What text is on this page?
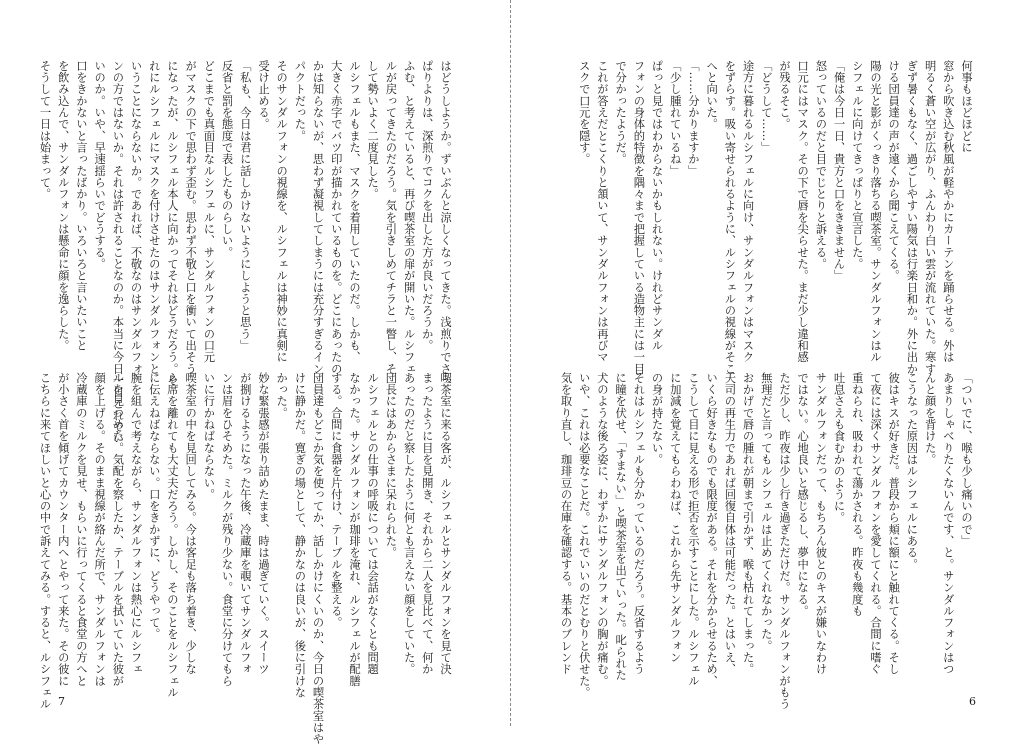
はどうしようか。ずいぶんと涼しくなってきた。浅煎りでさっ
ぱりよりは、深煎りでコクを出した方が良いだろうか。
ふむ、と考えていると、再び喫茶室の扉が開いた。ルシフェ
ルが戻ってきたのだろう。気を引きしめてチラと一瞥し、そ
して勢いよく二度見した。
ルシフェルもまた、マスクを着用していたのだ。しかも、
大きく赤字でバツ印が描かれているものを。どこにあったの
かは知らないが、思わず凝視してしまうには充分すぎるイン
パクトだった。
そのサンダルフォンの視線を、ルシフェルは神妙に真剣に
受け止める。
「私も、今日は君に話しかけないようにしようと思う」
反省と罰を態度で表したものらしい。
どこまでも真面目なルシフェルに、サンダルフォンの口元
がマスクの下で思わず歪む。思わず不敬と口を衝いて出そう
になったが、ルシフェル本人に向かってそれはどうだろう。そ
れにルシフェルにマスクを付けさせたのはサンダルフォンと
いうことにならないか。であれば、不敬なのはサンダルフォ
ンの方ではないか。それは許されることなのか。本当に今日一日これでい
いのか。いや、早速揺らいでどうする。
口をきかないと言ったばかり。いろいろと言いたいこと
を飲み込んで、サンダルフォンは懸命に顔を逸らした。
そうして一日は始まって。
喫茶室に来る客が、ルシフェルとサンダルフォンを見て決
まったように目を見開き、それから二人を見比べて、何か
あったのだと察したように何とも言えない顔をしていた。
団長にはあからさまに呆れられた。
ルシフェルとの仕事の呼吸については会話がなくとも問題
なかった。サンダルフォンが珈琲を淹れ、ルシフェルが配膳
する。合間に食器を片付け、テーブルを整える。
団員達もどこか気を使ってか、話しかけにくいのか、今日の喫茶室はや
けに静かだ。寛ぎの場として、静かなのは良いが、後に引けな
かった。
妙な緊張感が張り詰めたまま、時は過ぎていく。スイーツ
が捌けるようになった午後、冷蔵庫を覗いてサンダルフォ
ンは眉をひそめた。ミルクが残り少ない。食堂に分けてもら
いに行かねばならない。
喫茶室の中を見回してみる。今は客足も落ち着き、少しな
ら席を離れても大丈夫だろう。しかし、そのことをルシフェル
に伝えねばならない。口をきかずに、どうやって。
腕を組んで考えながら、サンダルフォンは熱心にルシフェ
ルを見つめた。気配を察したか、テーブルを拭いていた彼が
顔を上げる。そのまま視線が絡んだ所で、サンダルフォンは
冷蔵庫のミルクを見せ、もらいに行ってくると食堂の方へと
が小さく首を傾げてカウンター内へとやって来た。その彼に
こちらに来てほしいと心の中で訴えてみる。すると、ルシフェル 7
何事もほどほどに
窓から吹き込む秋風が軽やかにカーテンを踊らせる。外は
明るく蒼い空が広がり、ふんわり白い雲が流れていた。寒す
ぎず暑くもなく、過ごしやすい陽気は行楽日和か。外に出か
ける団員達の声が遠くから聞こえてくる。
陽の光と影がくっきり落ちる喫茶室。サンダルフォンはル
シフェルに向けてきっぱりと宣言した。
「俺は今日一日、貴方と口をききません」
怒っているのだと目でじとりと訴える。
口元にはマスク。その下で唇を尖らせた。まだ少し違和感
が残るそこ。
「どうして……」
途方に暮れるルシフェルに向け、サンダルフォンはマスク
をずらす。吸い寄せられるように、ルシフェルの視線がそこ
へと向いた。
「……分かりますか」
「少し腫れているね」
ぱっと見ではわからないかもしれない。けれどサンダル
フォンの身体的特徴を隅々まで把握している造物主には一目
で分かったようだ。
これが答えだとこくりと頷いて、サンダルフォンは再びマ
スクで口元を隠す。
「ついでに、喉も少し痛いので」
あまりしゃべりたくないんです、と。サンダルフォンはつ
んと顔を背けた。
こうなった原因はルシフェルにある。
彼はキスが好きだ。普段から頬に額にと触れてくる。そし
て夜には深くサンダルフォンを愛してくれる。合間に嗜ぐ
重ねられ、吸われて蕩かされる。昨夜も幾度も
吐息さえも食むかのように。
サンダルフォンだって、もちろん彼とのキスが嫌いなわけ
ではない。心地良いと感じるし、夢中になる。
ただ少し、昨夜は少し行き過ぎただけだ。サンダルフォンがもう
無理だと言ってもルシフェルは止めてくれなかった。
おかげで唇の腫れが朝まで引かず、喉も枯れてしまった。
天司の再生力であれば回復自体は可能だった。とはいえ、
いくら好きなものでも限度がある。それを分からせるため、
こうして目に見える形で拒否を示すことにした。ルシフェル
に加減を覚えてもらわねば、これから先サンダルフォン
の身が持たない。
それはルシフェルも分かっているのだろう。反省するよう
に瞳を伏せ、「すまない」と喫茶室を出ていった。叱られた
犬のような後ろ姿に、わずかにサンダルフォンの胸が痛む。
いや、これは必要なことだ。これでいいのだとむりと伏せた。
気を取り直し、珈琲豆の在庫を確認する。基本のブレンド
6
